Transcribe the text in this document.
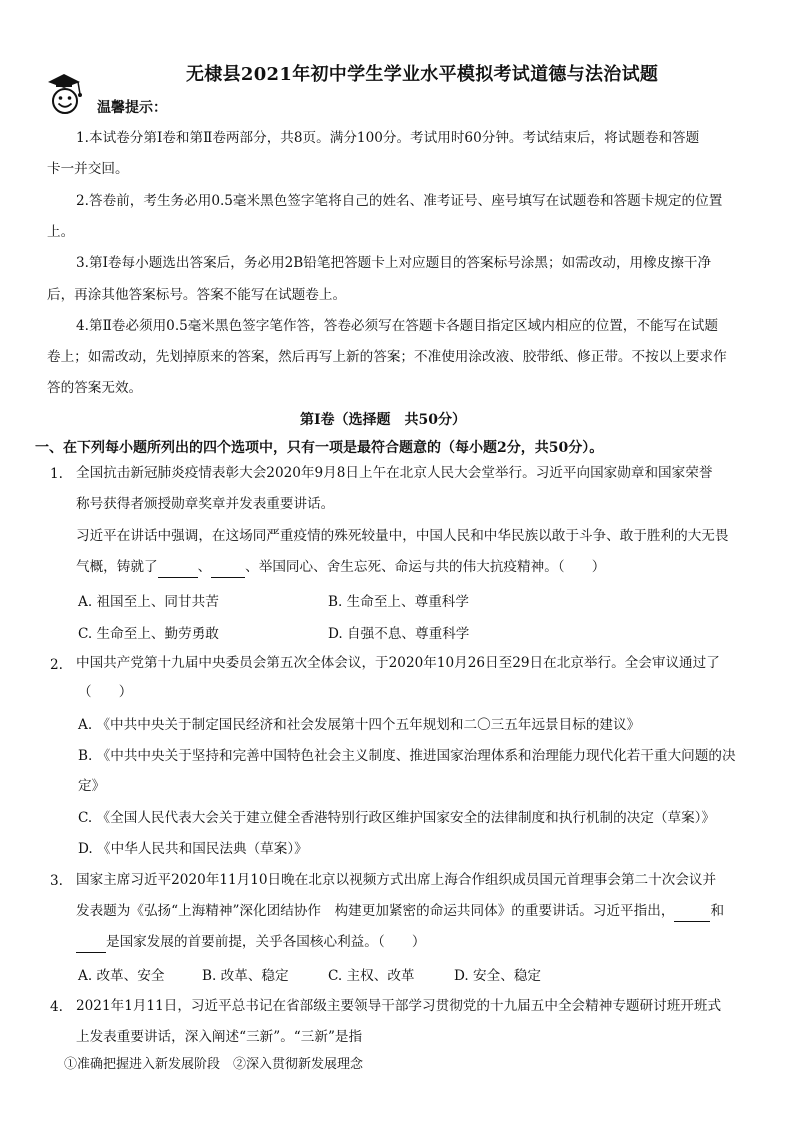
无棣县2021年初中学生学业水平模拟考试道德与法治试题
温馨提示：
1.本试卷分第Ⅰ卷和第Ⅱ卷两部分，共8页。满分100分。考试用时60分钟。考试结束后，将试题卷和答题
卡一并交回。
2.答卷前，考生务必用0.5毫米黑色签字笔将自己的姓名、准考证号、座号填写在试题卷和答题卡规定的位置
上。
3.第Ⅰ卷每小题选出答案后，务必用2B铅笔把答题卡上对应题目的答案标号涂黑；如需改动，用橡皮擦干净
后，再涂其他答案标号。答案不能写在试题卷上。
4.第Ⅱ卷必须用0.5毫米黑色签字笔作答，答卷必须写在答题卡各题目指定区域内相应的位置，不能写在试题
卷上；如需改动，先划掉原来的答案，然后再写上新的答案；不准使用涂改液、胶带纸、修正带。不按以上要求作
答的答案无效。
第Ⅰ卷（选择题　共50分）
一、在下列每小题所列出的四个选项中，只有一项是最符合题意的（每小题2分，共50分）。
1. 全国抗击新冠肺炎疫情表彰大会2020年9月8日上午在北京人民大会堂举行。习近平向国家勋章和国家荣誉
称号获得者颁授勋章奖章并发表重要讲话。
习近平在讲话中强调，在这场同严重疫情的殊死较量中，中国人民和中华民族以敢于斗争、敢于胜利的大无畏
气概，铸就了	、	、举国同心、舍生忘死、命运与共的伟大抗疫精神。（　　）
A. 祖国至上、同甘共苦	B. 生命至上、尊重科学
C. 生命至上、勤劳勇敢	D. 自强不息、尊重科学
2. 中国共产党第十九届中央委员会第五次全体会议，于2020年10月26日至29日在北京举行。全会审议通过了
（　　）
A. 《中共中央关于制定国民经济和社会发展第十四个五年规划和二〇三五年远景目标的建议》
B. 《中共中央关于坚持和完善中国特色社会主义制度、推进国家治理体系和治理能力现代化若干重大问题的决
定》
C. 《全国人民代表大会关于建立健全香港特别行政区维护国家安全的法律制度和执行机制的决定（草案）》
D. 《中华人民共和国民法典（草案）》
3. 国家主席习近平2020年11月10日晚在北京以视频方式出席上海合作组织成员国元首理事会第二十次会议并
发表题为《弘扬“上海精神”深化团结协作　构建更加紧密的命运共同体》的重要讲话。习近平指出，	和
是国家发展的首要前提，关乎各国核心利益。（　　）
A. 改革、安全	B. 改革、稳定	C. 主权、改革	D. 安全、稳定
4. 2021年1月11日，习近平总书记在省部级主要领导干部学习贯彻党的十九届五中全会精神专题研讨班开班式
上发表重要讲话，深入阐述“三新”。“三新”是指
①准确把握进入新发展阶段　②深入贯彻新发展理念
